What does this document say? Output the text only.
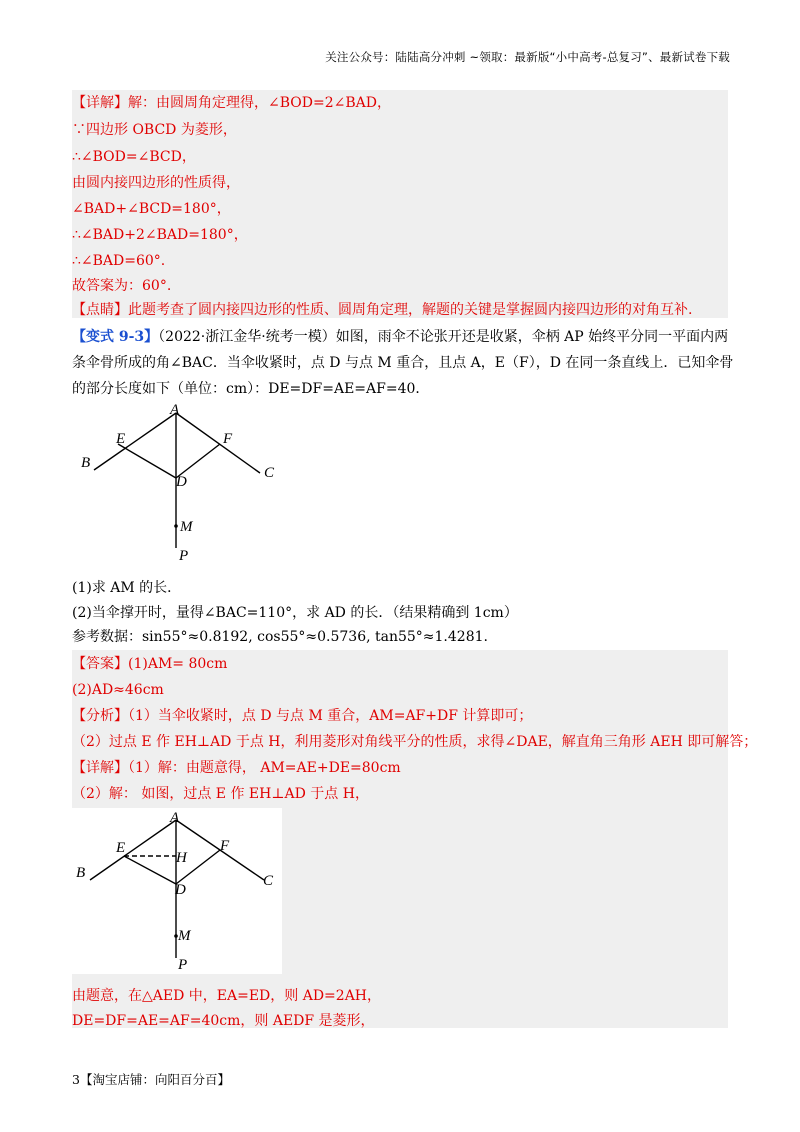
关注公众号：陆陆高分冲刺 ~领取：最新版“小中高考-总复习”、最新试卷下载
【详解】解：由圆周角定理得，∠BOD=2∠BAD，
∵四边形 OBCD 为菱形，
∴∠BOD=∠BCD，
由圆内接四边形的性质得，
∠BAD+∠BCD=180°，
∴∠BAD+2∠BAD=180°，
∴∠BAD=60°.
故答案为：60°.
【点睛】此题考查了圆内接四边形的性质、圆周角定理，解题的关键是掌握圆内接四边形的对角互补.
【变式 9-3】（2022·浙江金华·统考一模）如图，雨伞不论张开还是收紧，伞柄 AP 始终平分同一平面内两
条伞骨所成的角∠BAC．当伞收紧时，点 D 与点 M 重合，且点 A，E（F），D 在同一条直线上．已知伞骨
的部分长度如下（单位：cm）：DE=DF=AE=AF=40．
A
E	F
B
C
D
M
P
(1)求 AM 的长．
(2)当伞撑开时，量得∠BAC=110°，求 AD 的长．（结果精确到 1cm）
参考数据：sin55°≈0.8192, cos55°≈0.5736, tan55°≈1.4281.
【答案】(1)AM= 80cm
(2)AD≈46cm
【分析】（1）当伞收紧时，点 D 与点 M 重合，AM=AF+DF 计算即可；
（2）过点 E 作 EH⊥AD 于点 H，利用菱形对角线平分的性质，求得∠DAE，解直角三角形 AEH 即可解答；
【详解】（1）解：由题意得， AM=AE+DE=80cm
（2）解： 如图，过点 E 作 EH⊥AD 于点 H，
A
E
H
F
B	C
D
M
P
由题意，在△AED 中，EA=ED，则 AD=2AH，
DE=DF=AE=AF=40cm，则 AEDF 是菱形，
3【淘宝店铺：向阳百分百】
